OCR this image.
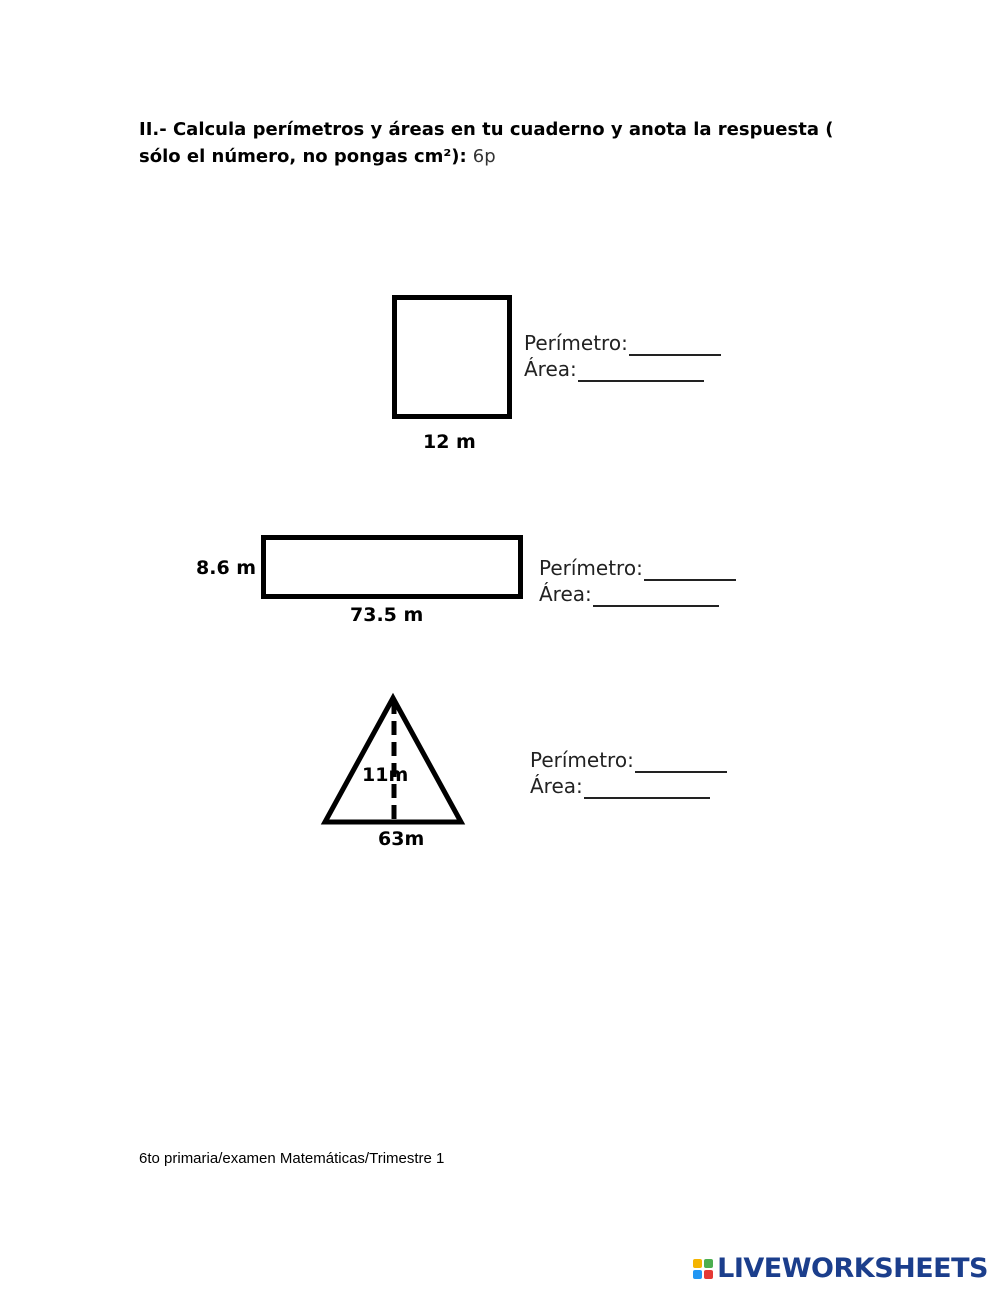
II.- Calcula perímetros y áreas en tu cuaderno y anota la respuesta ( sólo el número, no pongas cm²): 6p
12 m
Perímetro:
Área:
8.6 m
73.5 m
Perímetro:
Área:
11m
63m
Perímetro:
Área:
6to primaria/examen Matemáticas/Trimestre 1
LIVEWORKSHEETS
